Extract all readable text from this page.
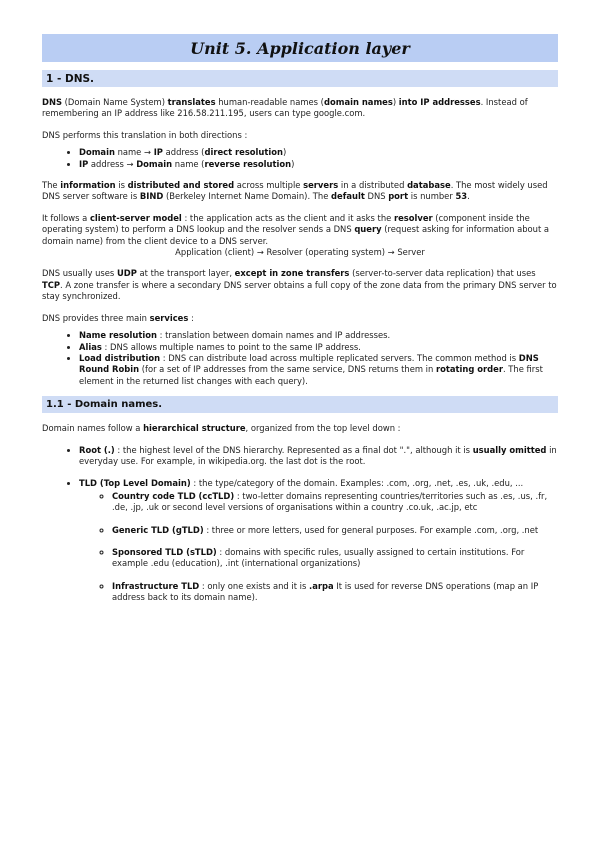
Unit 5. Application layer
1 - DNS.

DNS (Domain Name System) translates human-readable names (domain names) into IP addresses. Instead of remembering an IP address like 216.58.211.195, users can type google.com.

DNS performs this translation in both directions :

• Domain name → IP address (direct resolution)
• IP address → Domain name (reverse resolution)

The information is distributed and stored across multiple servers in a distributed database. The most widely used DNS server software is BIND (Berkeley Internet Name Domain). The default DNS port is number 53.

It follows a client-server model : the application acts as the client and it asks the resolver (component inside the operating system) to perform a DNS lookup and the resolver sends a DNS query (request asking for information about a domain name) from the client device to a DNS server.

Application (client) → Resolver (operating system) → Server

DNS usually uses UDP at the transport layer, except in zone transfers (server-to-server data replication) that uses TCP. A zone transfer is where a secondary DNS server obtains a full copy of the zone data from the primary DNS server to stay synchronized.

DNS provides three main services :

• Name resolution : translation between domain names and IP addresses.
• Alias : DNS allows multiple names to point to the same IP address.
• Load distribution : DNS can distribute load across multiple replicated servers. The common method is DNS Round Robin (for a set of IP addresses from the same service, DNS returns them in rotating order. The first element in the returned list changes with each query).
1.1 - Domain names.

Domain names follow a hierarchical structure, organized from the top level down :

• Root (.) : the highest level of the DNS hierarchy. Represented as a final dot ".", although it is usually omitted in everyday use. For example, in wikipedia.org. the last dot is the root.
• TLD (Top Level Domain) : the type/category of the domain. Examples: .com, .org, .net, .es, .uk, .edu, ...
◦ Country code TLD (ccTLD) : two-letter domains representing countries/territories such as .es, .us, .fr, .de, .jp, .uk or second level versions of organisations within a country .co.uk, .ac.jp, etc
◦ Generic TLD (gTLD) : three or more letters, used for general purposes. For example .com, .org, .net
◦ Sponsored TLD (sTLD) : domains with specific rules, usually assigned to certain institutions. For example .edu (education), .int (international organizations)
◦ Infrastructure TLD : only one exists and it is .arpa It is used for reverse DNS operations (map an IP address back to its domain name).
